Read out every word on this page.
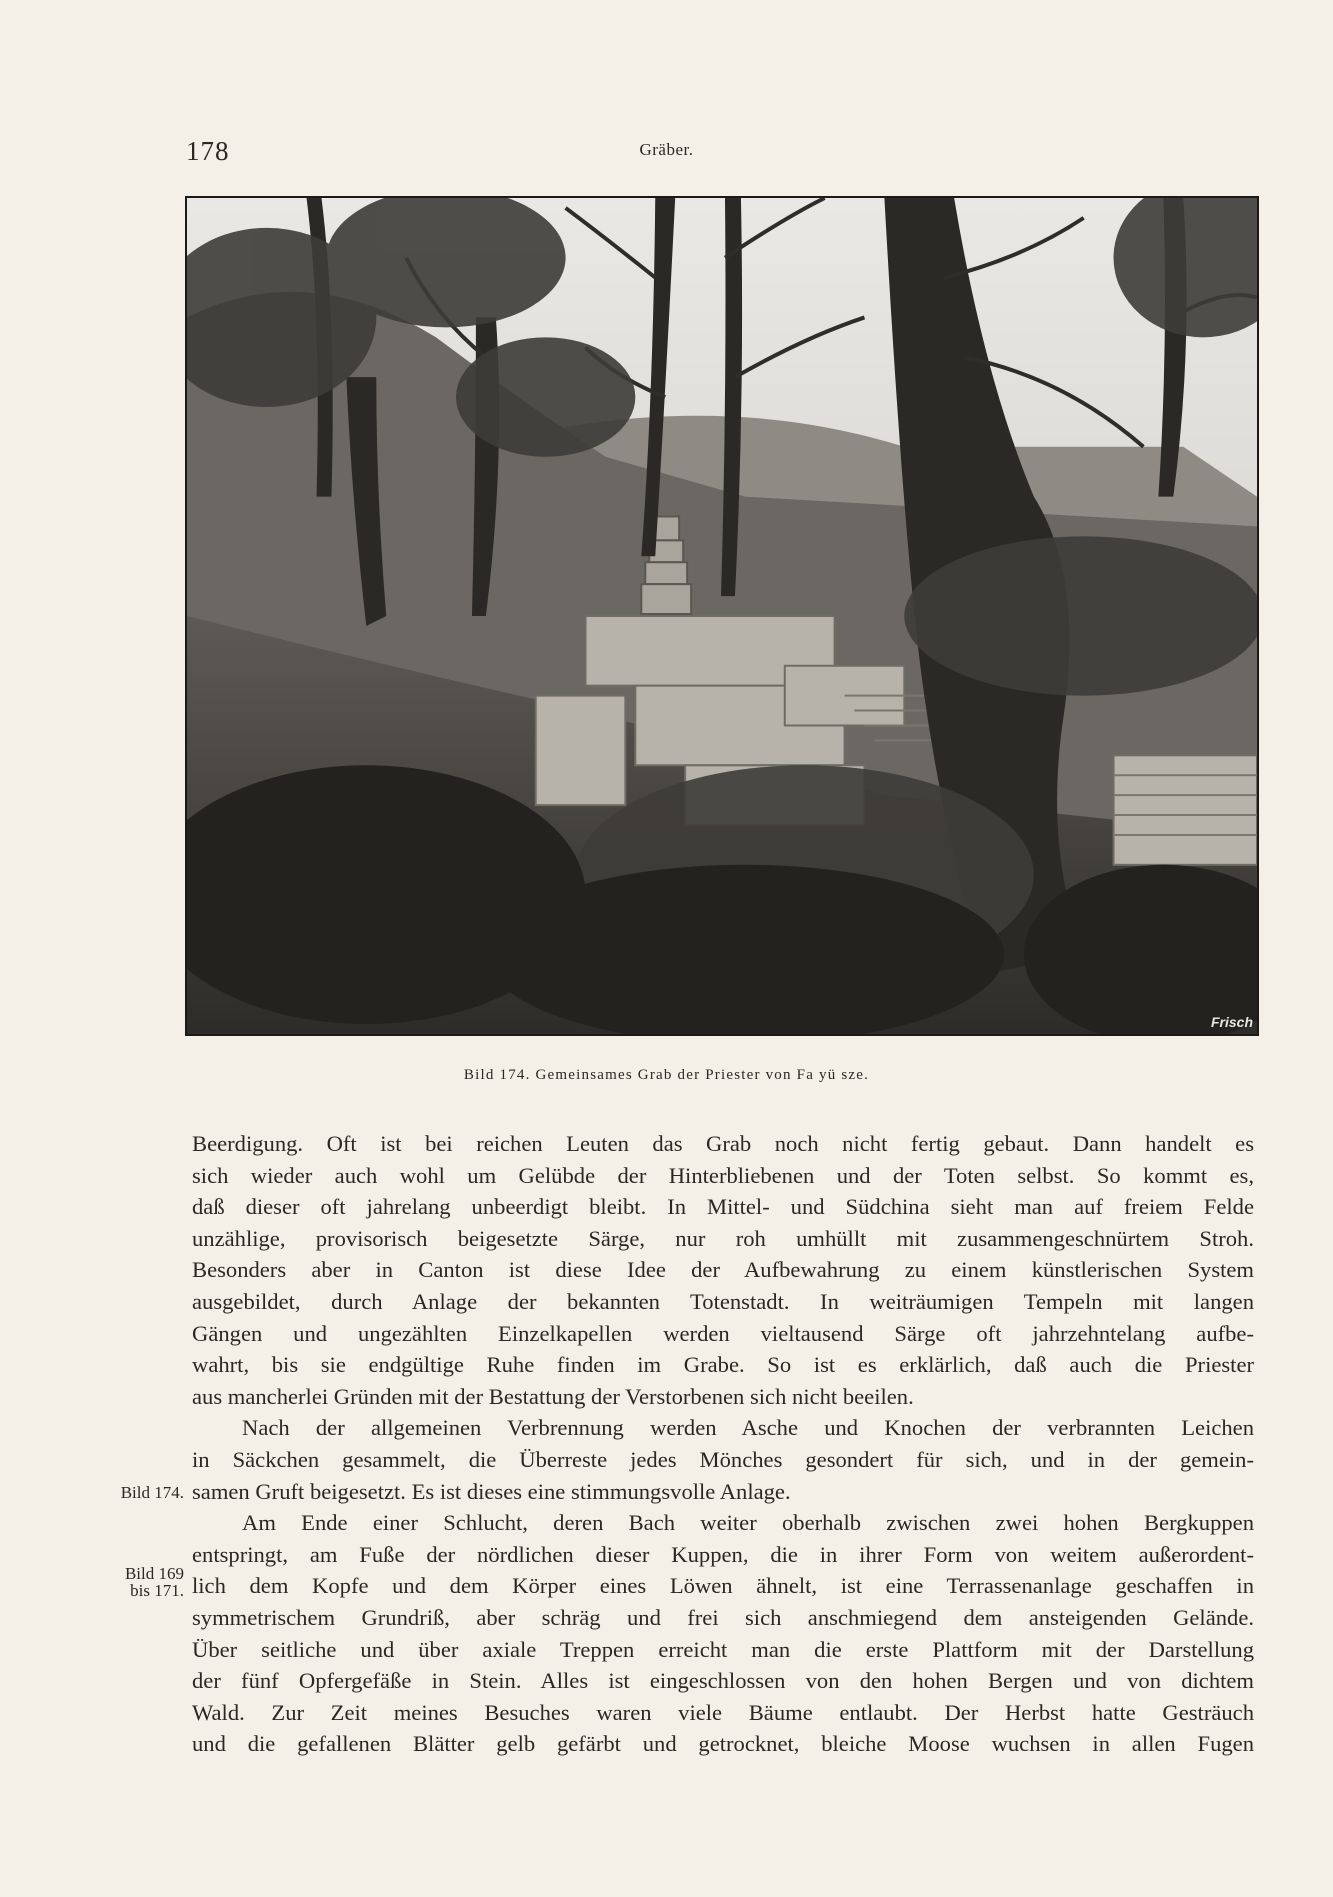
178	Gräber.
Frisch
Bild 174. Gemeinsames Grab der Priester von Fa yü sze.
Bild 174.
Bild 169
bis 171.
Beerdigung. Oft ist bei reichen Leuten das Grab noch nicht fertig gebaut. Dann handelt es
sich wieder auch wohl um Gelübde der Hinterbliebenen und der Toten selbst. So kommt es,
daß dieser oft jahrelang unbeerdigt bleibt. In Mittel- und Südchina sieht man auf freiem Felde
unzählige, provisorisch beigesetzte Särge, nur roh umhüllt mit zusammengeschnürtem Stroh.
Besonders aber in Canton ist diese Idee der Aufbewahrung zu einem künstlerischen System
ausgebildet, durch Anlage der bekannten Totenstadt. In weiträumigen Tempeln mit langen
Gängen und ungezählten Einzelkapellen werden vieltausend Särge oft jahrzehntelang aufbe-
wahrt, bis sie endgültige Ruhe finden im Grabe. So ist es erklärlich, daß auch die Priester
aus mancherlei Gründen mit der Bestattung der Verstorbenen sich nicht beeilen.
Nach der allgemeinen Verbrennung werden Asche und Knochen der verbrannten Leichen
in Säckchen gesammelt, die Überreste jedes Mönches gesondert für sich, und in der gemein-
samen Gruft beigesetzt. Es ist dieses eine stimmungsvolle Anlage.
Am Ende einer Schlucht, deren Bach weiter oberhalb zwischen zwei hohen Bergkuppen
entspringt, am Fuße der nördlichen dieser Kuppen, die in ihrer Form von weitem außerordent-
lich dem Kopfe und dem Körper eines Löwen ähnelt, ist eine Terrassenanlage geschaffen in
symmetrischem Grundriß, aber schräg und frei sich anschmiegend dem ansteigenden Gelände.
Über seitliche und über axiale Treppen erreicht man die erste Plattform mit der Darstellung
der fünf Opfergefäße in Stein. Alles ist eingeschlossen von den hohen Bergen und von dichtem
Wald. Zur Zeit meines Besuches waren viele Bäume entlaubt. Der Herbst hatte Gesträuch
und die gefallenen Blätter gelb gefärbt und getrocknet, bleiche Moose wuchsen in allen Fugen
